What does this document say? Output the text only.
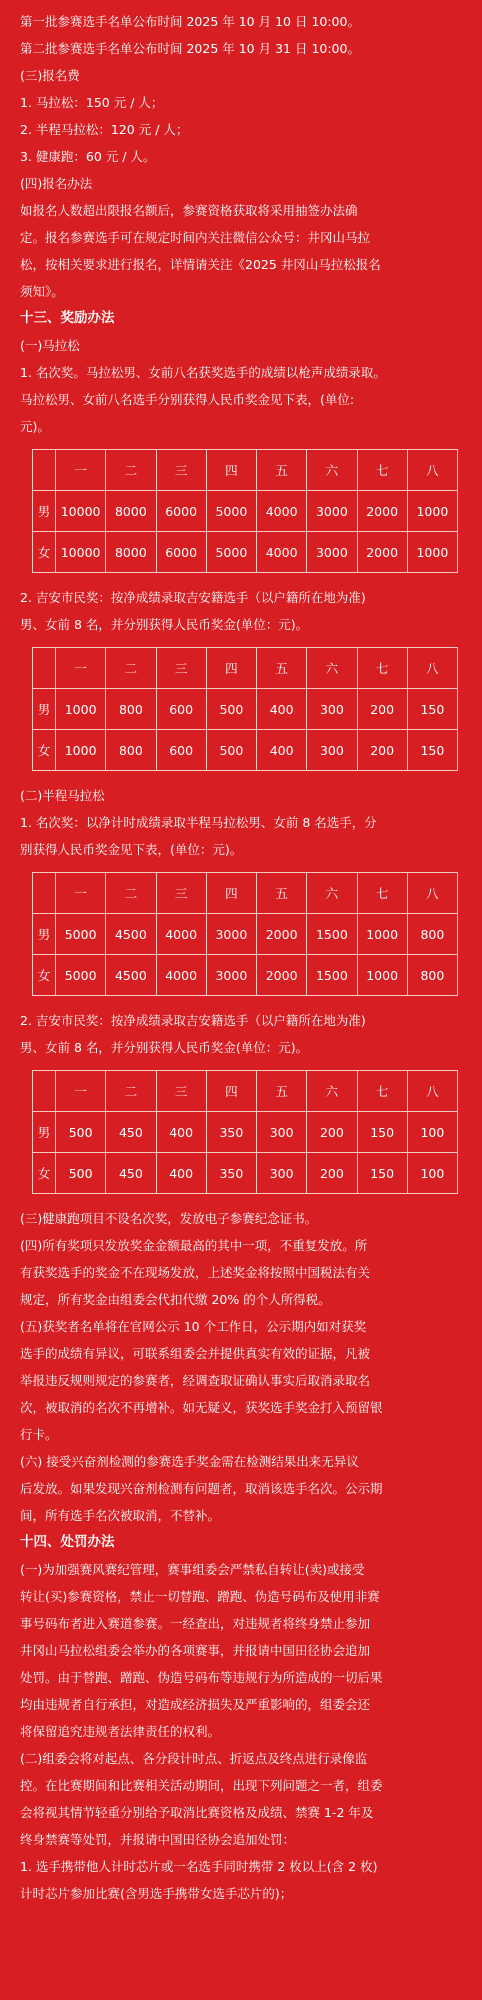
第一批参赛选手名单公布时间 2025 年 10 月 10 日 10:00。

第二批参赛选手名单公布时间 2025 年 10 月 31 日 10:00。

(三)报名费

1. 马拉松：150 元 / 人；

2. 半程马拉松：120 元 / 人；

3. 健康跑：60 元 / 人。

(四)报名办法

如报名人数超出限报名额后，参赛资格获取将采用抽签办法确

定。报名参赛选手可在规定时间内关注微信公众号：井冈山马拉

松，按相关要求进行报名，详情请关注《2025 井冈山马拉松报名

须知》。

十三、奖励办法

(一)马拉松

1. 名次奖。马拉松男、女前八名获奖选手的成绩以枪声成绩录取。

马拉松男、女前八名选手分别获得人民币奖金见下表，(单位:

元)。

	一	二	三	四	五	六	七	八
男	10000	8000	6000	5000	4000	3000	2000	1000
女	10000	8000	6000	5000	4000	3000	2000	1000

2. 吉安市民奖：按净成绩录取吉安籍选手（以户籍所在地为准)

男、女前 8 名，并分别获得人民币奖金(单位：元)。

	一	二	三	四	五	六	七	八
男	1000	800	600	500	400	300	200	150
女	1000	800	600	500	400	300	200	150

(二)半程马拉松

1. 名次奖：以净计时成绩录取半程马拉松男、女前 8 名选手，分

别获得人民币奖金见下表，(单位：元)。

	一	二	三	四	五	六	七	八
男	5000	4500	4000	3000	2000	1500	1000	800
女	5000	4500	4000	3000	2000	1500	1000	800

2. 吉安市民奖：按净成绩录取吉安籍选手（以户籍所在地为准)

男、女前 8 名，并分别获得人民币奖金(单位：元)。

	一	二	三	四	五	六	七	八
男	500	450	400	350	300	200	150	100
女	500	450	400	350	300	200	150	100

(三)健康跑项目不设名次奖，发放电子参赛纪念证书。

(四)所有奖项只发放奖金金额最高的其中一项，不重复发放。所

有获奖选手的奖金不在现场发放，上述奖金将按照中国税法有关

规定，所有奖金由组委会代扣代缴 20% 的个人所得税。

(五)获奖者名单将在官网公示 10 个工作日，公示期内如对获奖

选手的成绩有异议，可联系组委会并提供真实有效的证据，凡被

举报违反规则规定的参赛者，经调查取证确认事实后取消录取名

次，被取消的名次不再增补。如无疑义，获奖选手奖金打入预留银

行卡。

(六) 接受兴奋剂检测的参赛选手奖金需在检测结果出来无异议

后发放。如果发现兴奋剂检测有问题者，取消该选手名次。公示期

间，所有选手名次被取消，不替补。

十四、处罚办法

(一)为加强赛风赛纪管理，赛事组委会严禁私自转让(卖)或接受

转让(买)参赛资格，禁止一切替跑、蹭跑、伪造号码布及使用非赛

事号码布者进入赛道参赛。一经查出，对违规者将终身禁止参加

井冈山马拉松组委会举办的各项赛事，并报请中国田径协会追加

处罚。由于替跑、蹭跑、伪造号码布等违规行为所造成的一切后果

均由违规者自行承担，对造成经济损失及严重影响的，组委会还

将保留追究违规者法律责任的权利。

(二)组委会将对起点、各分段计时点、折返点及终点进行录像监

控。在比赛期间和比赛相关活动期间，出现下列问题之一者，组委

会将视其情节轻重分别给予取消比赛资格及成绩、禁赛 1-2 年及

终身禁赛等处罚，并报请中国田径协会追加处罚：

1. 选手携带他人计时芯片或一名选手同时携带 2 枚以上(含 2 枚)

计时芯片参加比赛(含男选手携带女选手芯片的)；
